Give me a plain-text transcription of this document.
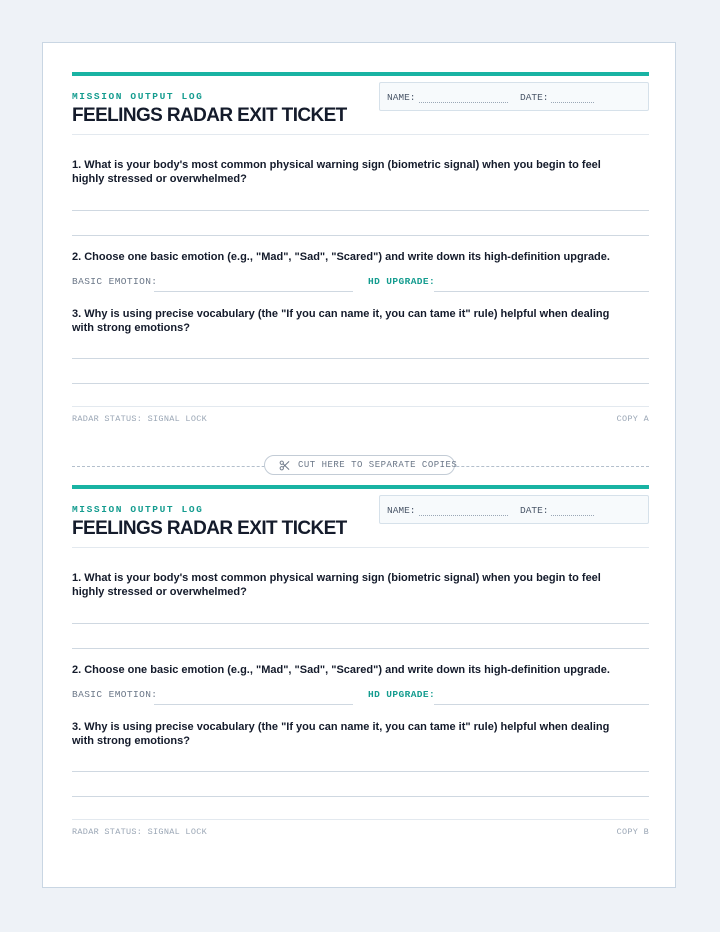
MISSION OUTPUT LOG
FEELINGS RADAR EXIT TICKET
NAME:	DATE:

1. What is your body's most common physical warning sign (biometric signal) when you begin to feel highly stressed or overwhelmed?

2. Choose one basic emotion (e.g., "Mad", "Sad", "Scared") and write down its high-definition upgrade.

BASIC EMOTION:	HD UPGRADE:

3. Why is using precise vocabulary (the "If you can name it, you can tame it" rule) helpful when dealing with strong emotions?

RADAR STATUS: SIGNAL LOCK	COPY A
CUT HERE TO SEPARATE COPIES
MISSION OUTPUT LOG
FEELINGS RADAR EXIT TICKET
NAME:	DATE:

1. What is your body's most common physical warning sign (biometric signal) when you begin to feel highly stressed or overwhelmed?

2. Choose one basic emotion (e.g., "Mad", "Sad", "Scared") and write down its high-definition upgrade.

BASIC EMOTION:	HD UPGRADE:

3. Why is using precise vocabulary (the "If you can name it, you can tame it" rule) helpful when dealing with strong emotions?

RADAR STATUS: SIGNAL LOCK	COPY B
